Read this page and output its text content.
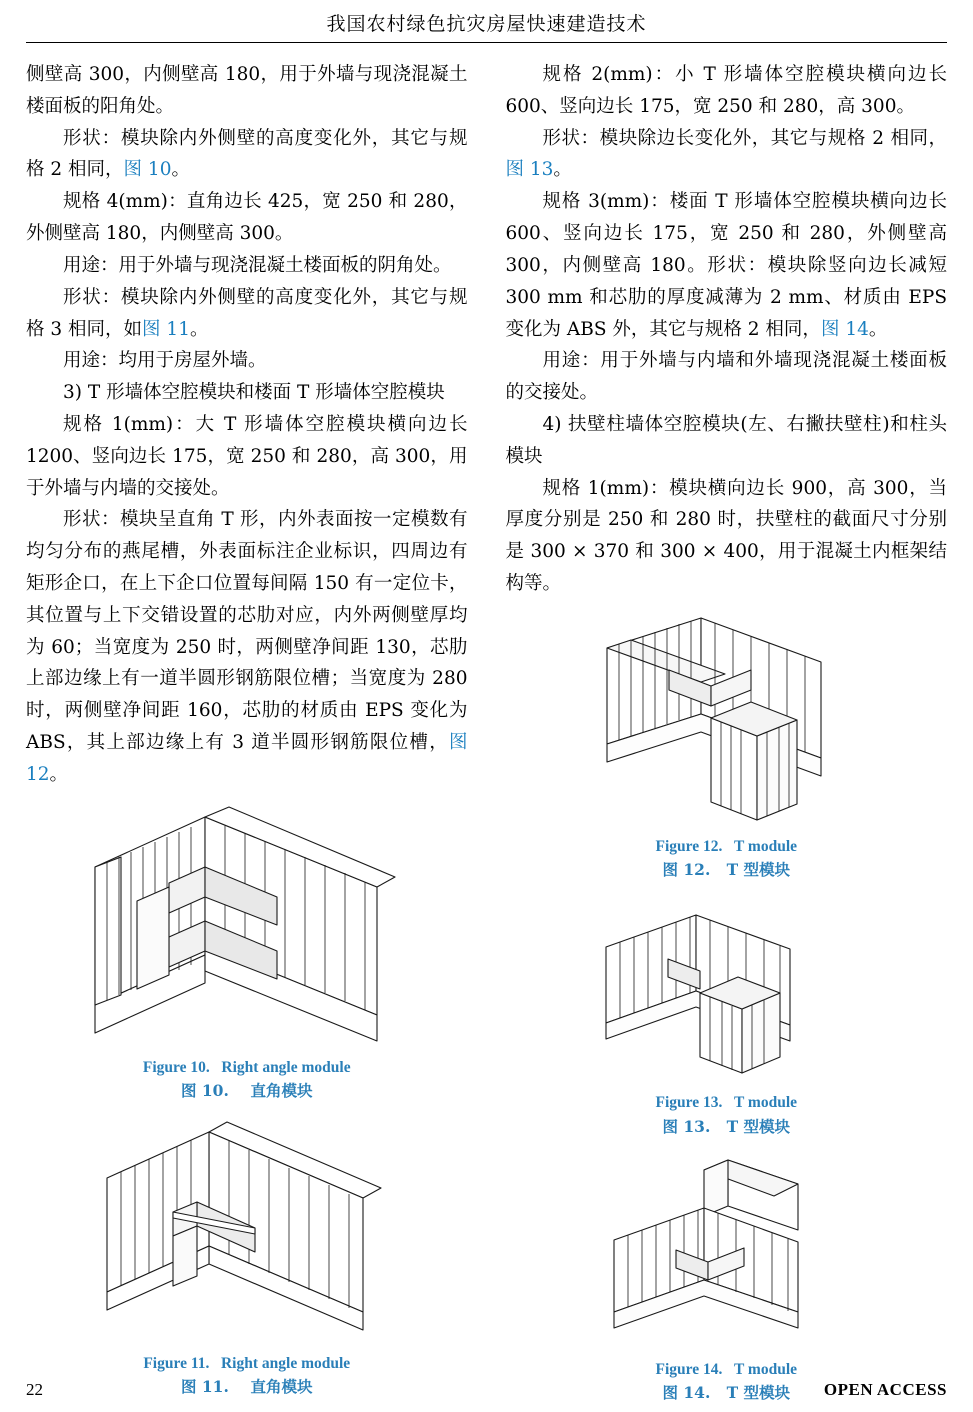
我国农村绿色抗灾房屋快速建造技术

侧壁高 300，内侧壁高 180，用于外墙与现浇混凝土楼面板的阳角处。

形状：模块除内外侧壁的高度变化外，其它与规格 2 相同，图 10。

规格 4(mm)：直角边长 425，宽 250 和 280，外侧壁高 180，内侧壁高 300。

用途：用于外墙与现浇混凝土楼面板的阴角处。

形状：模块除内外侧壁的高度变化外，其它与规格 3 相同，如图 11。

用途：均用于房屋外墙。

3) T 形墙体空腔模块和楼面 T 形墙体空腔模块

规格 1(mm)：大 T 形墙体空腔模块横向边长 1200、竖向边长 175，宽 250 和 280，高 300，用于外墙与内墙的交接处。

形状：模块呈直角 T 形，内外表面按一定模数有均匀分布的燕尾槽，外表面标注企业标识，四周边有矩形企口，在上下企口位置每间隔 150 有一定位卡，其位置与上下交错设置的芯肋对应，内外两侧壁厚均为 60；当宽度为 250 时，两侧壁净间距 130，芯肋上部边缘上有一道半圆形钢筋限位槽；当宽度为 280 时，两侧壁净间距 160，芯肋的材质由 EPS 变化为 ABS，其上部边缘上有 3 道半圆形钢筋限位槽，图 12。

Figure 10. Right angle module
图 10. 直角模块
Figure 11. Right angle module
图 11. 直角模块

规格 2(mm)：小 T 形墙体空腔模块横向边长 600、竖向边长 175，宽 250 和 280，高 300。

形状：模块除边长变化外，其它与规格 2 相同，图 13。

规格 3(mm)：楼面 T 形墙体空腔模块横向边长 600、竖向边长 175，宽 250 和 280，外侧壁高 300，内侧壁高 180。形状：模块除竖向边长减短 300 mm 和芯肋的厚度减薄为 2 mm、材质由 EPS 变化为 ABS 外，其它与规格 2 相同，图 14。

用途：用于外墙与内墙和外墙现浇混凝土楼面板的交接处。

4) 扶壁柱墙体空腔模块(左、右撇扶壁柱)和柱头模块

规格 1(mm)：模块横向边长 900，高 300，当厚度分别是 250 和 280 时，扶壁柱的截面尺寸分别是 300 × 370 和 300 × 400，用于混凝土内框架结构等。

Figure 12. T module
图 12. T 型模块
Figure 13. T module
图 13. T 型模块
Figure 14. T module
图 14. T 型模块
22	OPEN ACCESS
